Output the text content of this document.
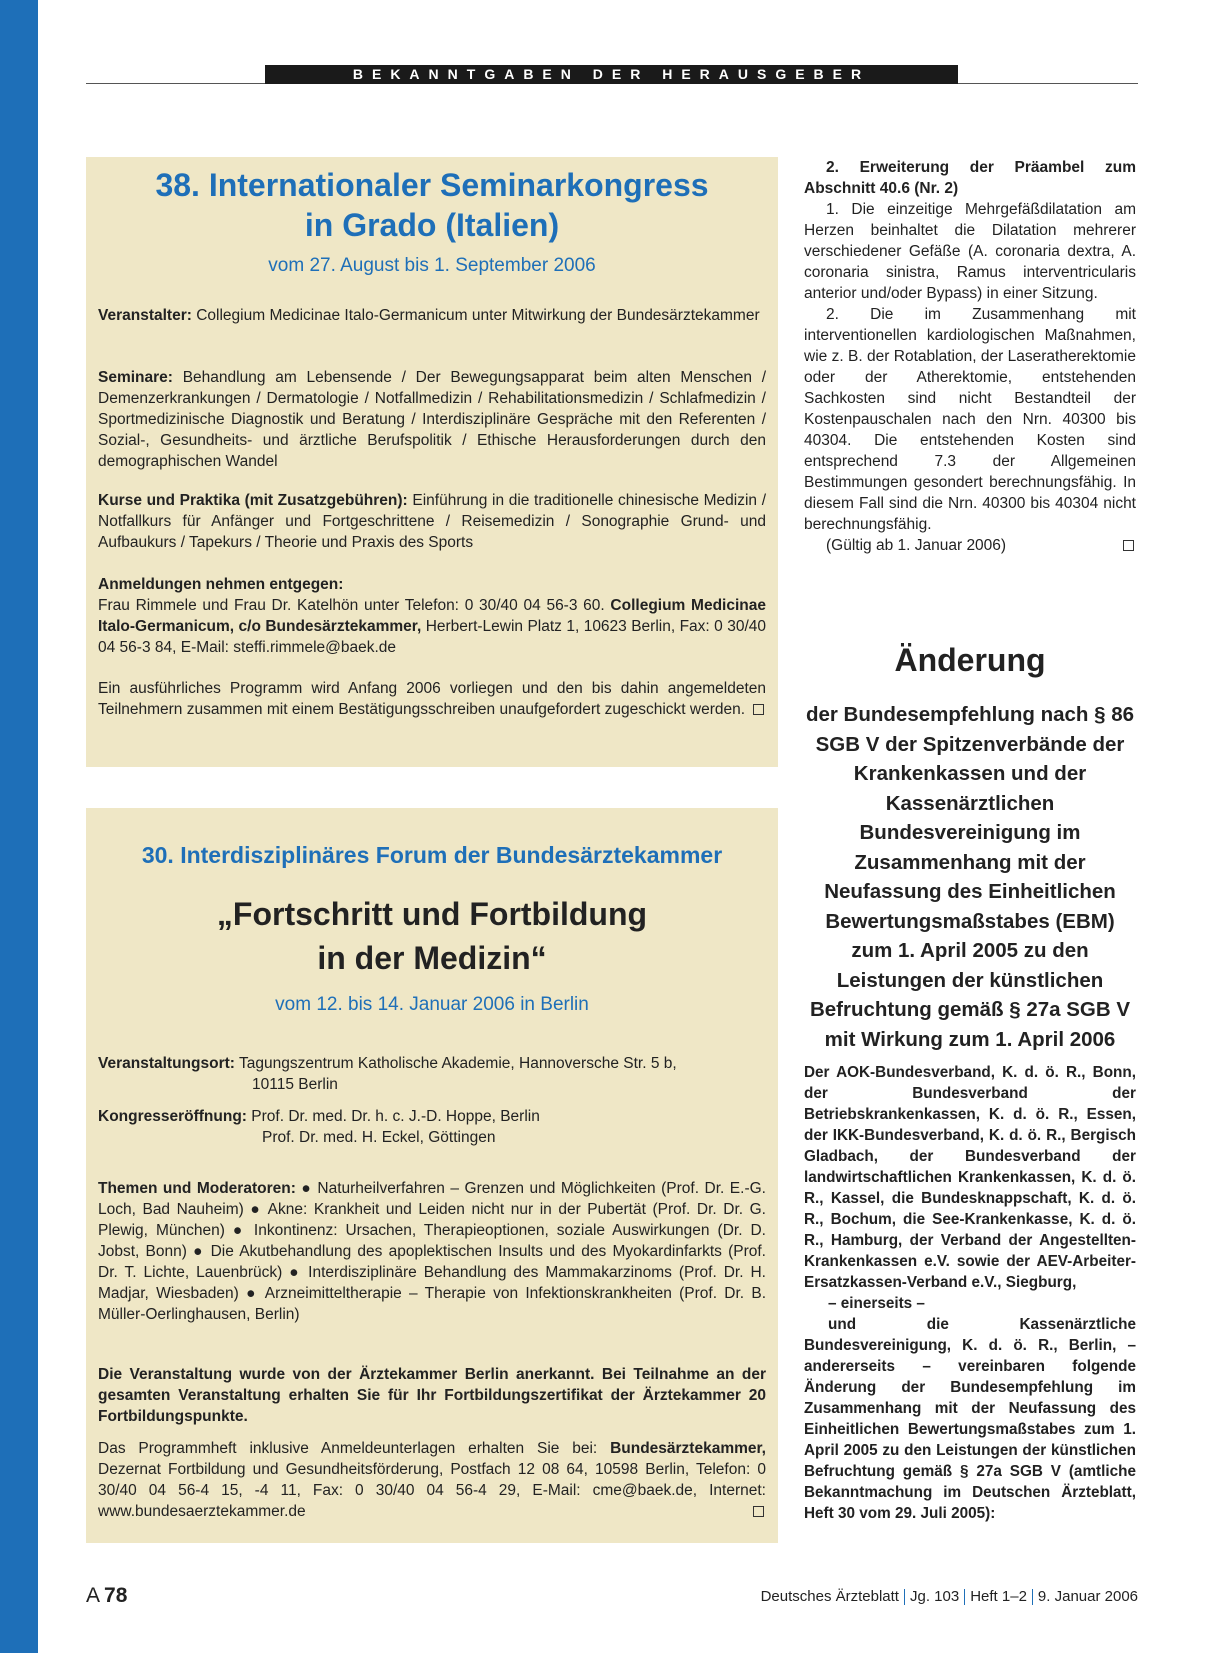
BEKANNTGABEN DER HERAUSGEBER
38. Internationaler Seminarkongress
in Grado (Italien)
vom 27. August bis 1. September 2006
Veranstalter: Collegium Medicinae Italo-Germanicum unter Mitwirkung der Bundesärztekammer
Seminare: Behandlung am Lebensende / Der Bewegungsapparat beim alten Menschen / Demenzerkrankungen / Dermatologie / Notfallmedizin / Rehabilitationsmedizin / Schlafmedizin / Sportmedizinische Diagnostik und Beratung / Interdisziplinäre Gespräche mit den Referenten / Sozial-, Gesundheits- und ärztliche Berufspolitik / Ethische Herausforderungen durch den demographischen Wandel
Kurse und Praktika (mit Zusatzgebühren): Einführung in die traditionelle chinesische Medizin / Notfallkurs für Anfänger und Fortgeschrittene / Reisemedizin / Sonographie Grund- und Aufbaukurs / Tapekurs / Theorie und Praxis des Sports
Anmeldungen nehmen entgegen:
Frau Rimmele und Frau Dr. Katelhön unter Telefon: 0 30/40 04 56-3 60. Collegium Medicinae Italo-Germanicum, c/o Bundesärztekammer, Herbert-Lewin Platz 1, 10623 Berlin, Fax: 0 30/40 04 56-3 84, E-Mail: steffi.rimmele@baek.de
Ein ausführliches Programm wird Anfang 2006 vorliegen und den bis dahin angemeldeten Teilnehmern zusammen mit einem Bestätigungsschreiben unaufgefordert zugeschickt werden.
30. Interdisziplinäres Forum der Bundesärztekammer
„Fortschritt und Fortbildung
in der Medizin“
vom 12. bis 14. Januar 2006 in Berlin
Veranstaltungsort: Tagungszentrum Katholische Akademie, Hannoversche Str. 5 b,
10115 Berlin
Kongresseröffnung: Prof. Dr. med. Dr. h. c. J.-D. Hoppe, Berlin
Prof. Dr. med. H. Eckel, Göttingen
Themen und Moderatoren: ● Naturheilverfahren – Grenzen und Möglichkeiten (Prof. Dr. E.-G. Loch, Bad Nauheim) ● Akne: Krankheit und Leiden nicht nur in der Pubertät (Prof. Dr. Dr. G. Plewig, München) ● Inkontinenz: Ursachen, Therapieoptionen, soziale Auswirkungen (Dr. D. Jobst, Bonn) ● Die Akutbehandlung des apoplektischen Insults und des Myokardinfarkts (Prof. Dr. T. Lichte, Lauenbrück) ● Interdisziplinäre Behandlung des Mammakarzinoms (Prof. Dr. H. Madjar, Wiesbaden) ● Arzneimitteltherapie – Therapie von Infektionskrankheiten (Prof. Dr. B. Müller-Oerlinghausen, Berlin)
Die Veranstaltung wurde von der Ärztekammer Berlin anerkannt. Bei Teilnahme an der gesamten Veranstaltung erhalten Sie für Ihr Fortbildungszertifikat der Ärztekammer 20 Fortbildungspunkte.
Das Programmheft inklusive Anmeldeunterlagen erhalten Sie bei: Bundesärztekammer, Dezernat Fortbildung und Gesundheitsförderung, Postfach 12 08 64, 10598 Berlin, Telefon: 0 30/40 04 56-4 15, -4 11, Fax: 0 30/40 04 56-4 29, E-Mail: cme@baek.de, Internet: www.bundesaerztekammer.de

2. Erweiterung der Präambel zum Abschnitt 40.6 (Nr. 2)

1. Die einzeitige Mehrgefäßdilatation am Herzen beinhaltet die Dilatation mehrerer verschiedener Gefäße (A. coronaria dextra, A. coronaria sinistra, Ramus interventricularis anterior und/oder Bypass) in einer Sitzung.

2. Die im Zusammenhang mit interventionellen kardiologischen Maßnahmen, wie z. B. der Rotablation, der Laseratherektomie oder der Atherektomie, entstehenden Sachkosten sind nicht Bestandteil der Kostenpauschalen nach den Nrn. 40300 bis 40304. Die entstehenden Kosten sind entsprechend 7.3 der Allgemeinen Bestimmungen gesondert berechnungsfähig. In diesem Fall sind die Nrn. 40300 bis 40304 nicht berechnungsfähig.

(Gültig ab 1. Januar 2006)

Änderung
der Bundesempfehlung nach § 86 SGB V der Spitzenverbände der Krankenkassen und der Kassenärztlichen Bundesvereinigung im Zusammenhang mit der Neufassung des Einheitlichen Bewertungsmaßstabes (EBM) zum 1. April 2005 zu den Leistungen der künstlichen Befruchtung gemäß § 27a SGB V mit Wirkung zum 1. April 2006
Der AOK-Bundesverband, K. d. ö. R., Bonn, der Bundesverband der Betriebskrankenkassen, K. d. ö. R., Essen, der IKK-Bundesverband, K. d. ö. R., Bergisch Gladbach, der Bundesverband der landwirtschaftlichen Krankenkassen, K. d. ö. R., Kassel, die Bundesknappschaft, K. d. ö. R., Bochum, die See-Krankenkasse, K. d. ö. R., Hamburg, der Verband der Angestellten-Krankenkassen e.V. sowie der AEV-Arbeiter-Ersatzkassen-Verband e.V., Siegburg,
– einerseits –
und die Kassenärztliche Bundesvereinigung, K. d. ö. R., Berlin, – andererseits – vereinbaren folgende Änderung der Bundesempfehlung im Zusammenhang mit der Neufassung des Einheitlichen Bewertungsmaßstabes zum 1. April 2005 zu den Leistungen der künstlichen Befruchtung gemäß § 27a SGB V (amtliche Bekanntmachung im Deutschen Ärzteblatt, Heft 30 vom 29. Juli 2005):
A 78	Deutsches Ärzteblatt Jg. 103 Heft 1–2 9. Januar 2006
